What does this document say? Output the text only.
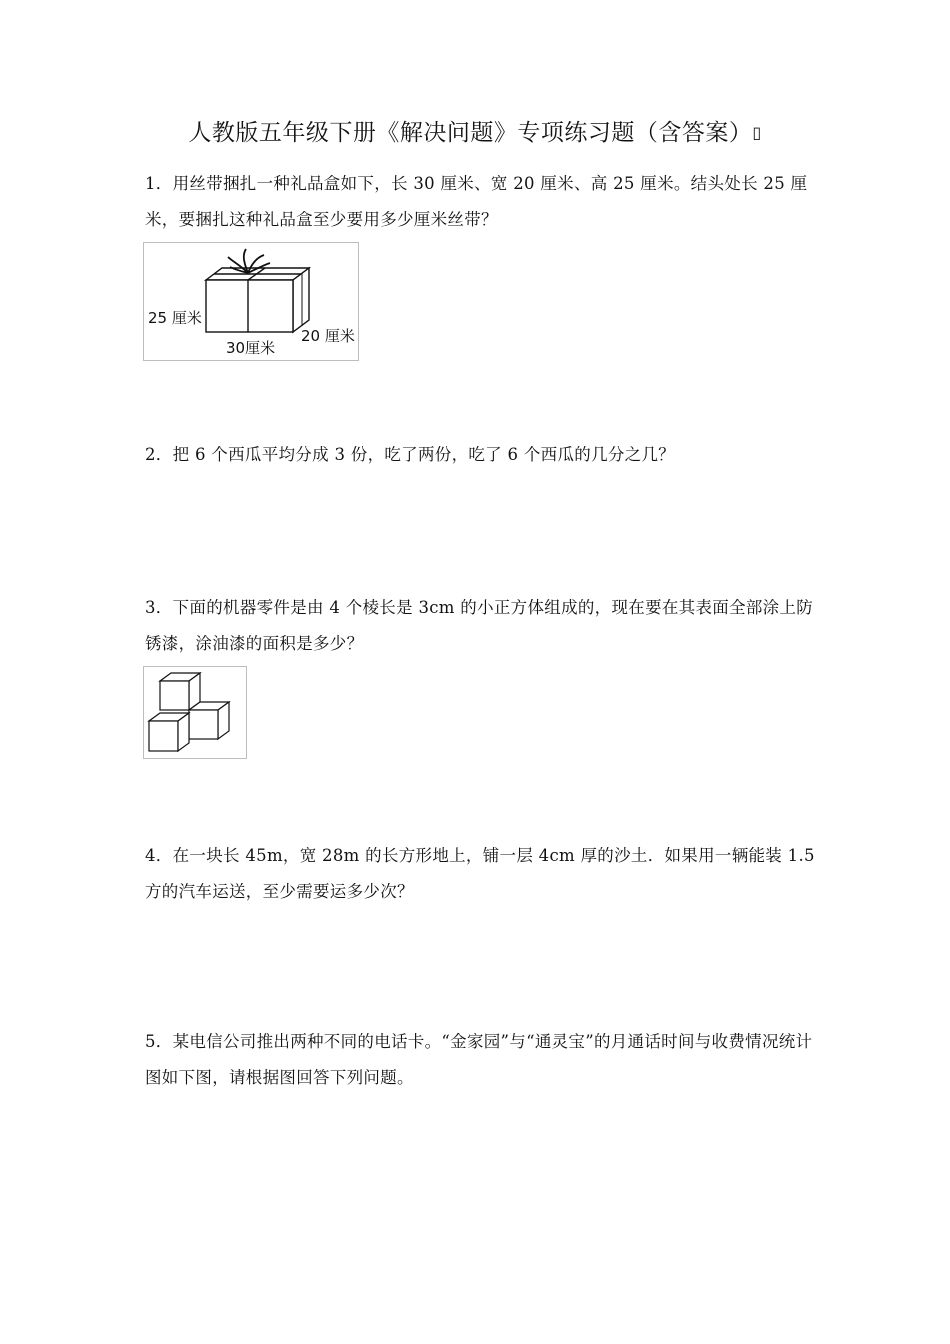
人教版五年级下册《解决问题》专项练习题（含答案）▯
1．用丝带捆扎一种礼品盒如下，长 30 厘米、宽 20 厘米、高 25 厘米。结头处长 25 厘米，要捆扎这种礼品盒至少要用多少厘米丝带？
25 厘米
30厘米
20 厘米
2．把 6 个西瓜平均分成 3 份，吃了两份，吃了 6 个西瓜的几分之几？
3．下面的机器零件是由 4 个棱长是 3cm 的小正方体组成的，现在要在其表面全部涂上防锈漆，涂油漆的面积是多少？
4．在一块长 45m，宽 28m 的长方形地上，铺一层 4cm 厚的沙土．如果用一辆能装 1.5 方的汽车运送，至少需要运多少次？
5．某电信公司推出两种不同的电话卡。“金家园”与“通灵宝”的月通话时间与收费情况统计图如下图，请根据图回答下列问题。
